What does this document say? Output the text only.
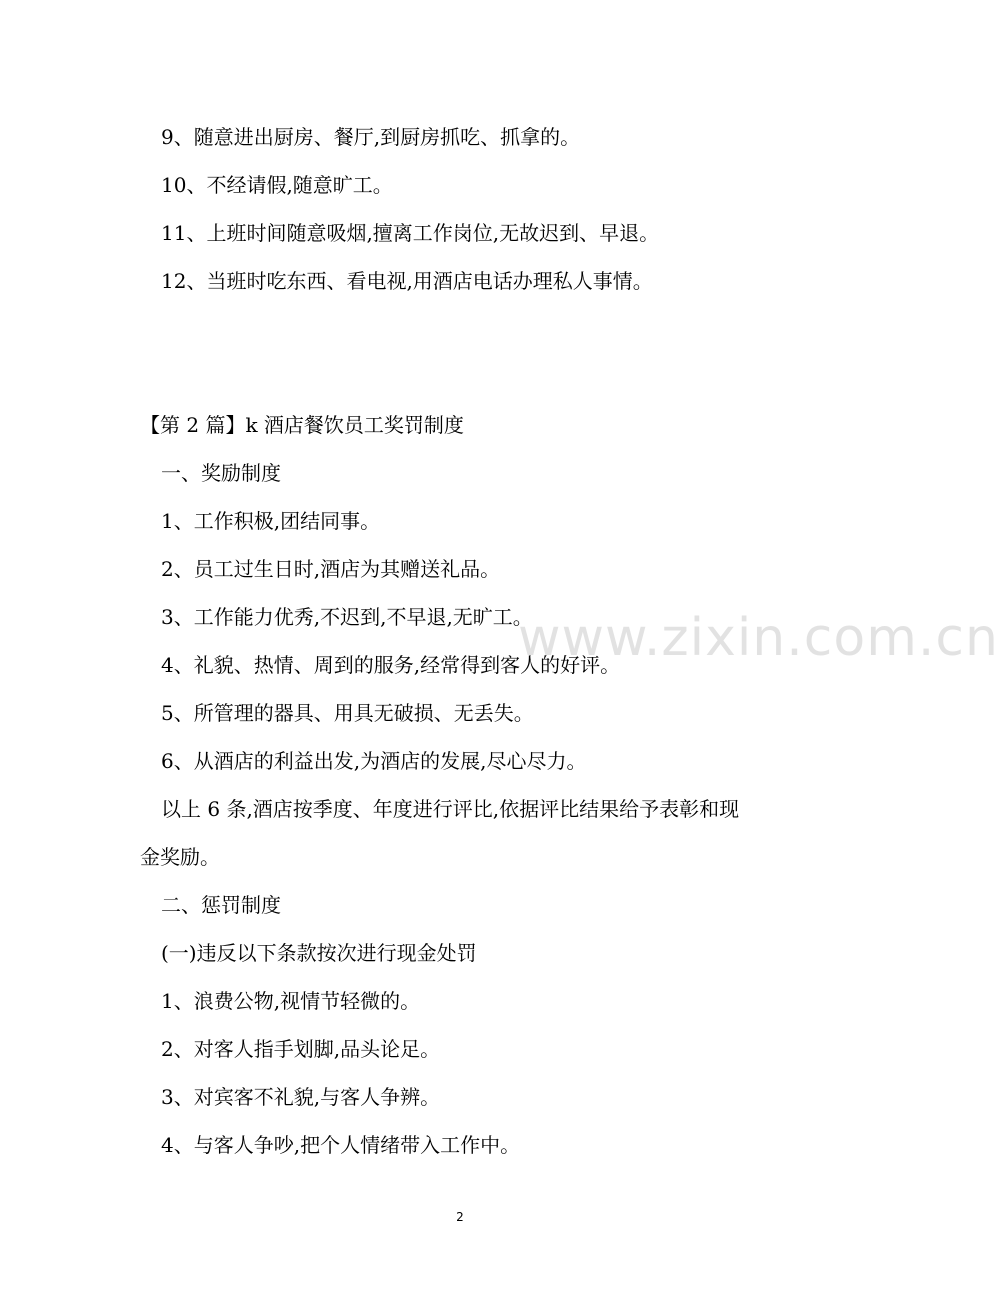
9、随意进出厨房、餐厅,到厨房抓吃、抓拿的。
10、不经请假,随意旷工。
11、上班时间随意吸烟,擅离工作岗位,无故迟到、早退。
12、当班时吃东西、看电视,用酒店电话办理私人事情。
【第 2 篇】k 酒店餐饮员工奖罚制度
一、奖励制度
1、工作积极,团结同事。
2、员工过生日时,酒店为其赠送礼品。
3、工作能力优秀,不迟到,不早退,无旷工。
4、礼貌、热情、周到的服务,经常得到客人的好评。
5、所管理的器具、用具无破损、无丢失。
6、从酒店的利益出发,为酒店的发展,尽心尽力。
以上 6 条,酒店按季度、年度进行评比,依据评比结果给予表彰和现
金奖励。
二、惩罚制度
(一)违反以下条款按次进行现金处罚
1、浪费公物,视情节轻微的。
2、对客人指手划脚,品头论足。
3、对宾客不礼貌,与客人争辨。
4、与客人争吵,把个人情绪带入工作中。
www.zixin.com.cn
2
